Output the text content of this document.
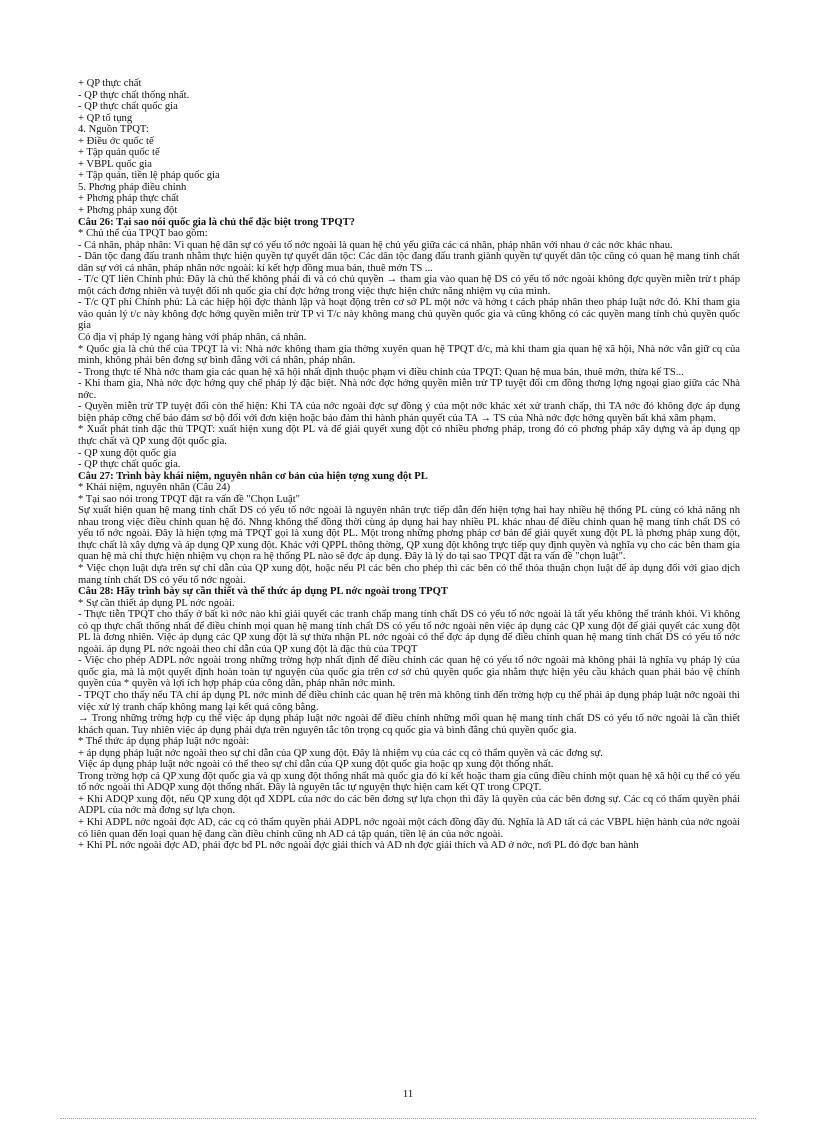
+ QP thực chất

- QP thực chất thống nhất.

- QP thực chất quốc gia

+ QP tố tụng

4. Nguồn TPQT:

+ Điều ớc quốc tế

+ Tập quán quốc tế

+ VBPL quốc gia

+ Tập quán, tiền lệ pháp quốc gia

5. Phơng pháp điều chỉnh

+ Phơng pháp thực chất

+ Phơng pháp xung đột

Câu 26: Tại sao nói quốc gia là chủ thể đặc biệt trong TPQT?

* Chủ thể của TPQT bao gồm:

- Cá nhân, pháp nhân: Vì quan hệ dân sự có yếu tố nớc ngoài là quan hệ chủ yếu giữa các cá nhân, pháp nhân với nhau ở các nớc khác nhau.

- Dân tộc đang đấu tranh nhằm thực hiện quyền tự quyết dân tộc: Các dân tộc đang đấu tranh giành quyền tự quyết dân tộc cũng có quan hệ mang tính chất dân sự với cá nhân, pháp nhân nớc ngoài: kí kết hợp đồng mua bán, thuê mớn TS ...

- T/c QT liên Chính phủ: Đây là chủ thể không phải đi và có chủ quyền → tham gia vào quan hệ DS có yếu tố nớc ngoài không đợc quyền miễn trừ t pháp một cách đơng nhiên và tuyệt đối nh quốc gia chỉ đợc hởng trong việc thực hiện chức năng nhiệm vụ của mình.

- T/c QT phi Chính phủ: Là các hiệp hội đợc thành lập và hoạt động trên cơ sở PL một nớc và hởng t cách pháp nhân theo pháp luật nớc đó. Khi tham gia vào quản lý t/c này không đợc hởng quyền miễn trừ TP vì T/c này không mang chủ quyền quốc gia và cũng không có các quyền mang tính chủ quyền quốc gia

Có địa vị pháp lý ngang hàng với pháp nhân, cá nhân.

* Quốc gia là chủ thể của TPQT là vì: Nhà nớc không tham gia thờng xuyên quan hệ TPQT đ/c, mà khi tham gia quan hệ xã hội, Nhà nớc vẫn giữ cq của mình, không phải bên đơng sự bình đẳng với cá nhân, pháp nhân.

- Trong thực tế Nhà nớc tham gia các quan hệ xã hội nhất định thuộc phạm vi điều chỉnh của TPQT: Quan hệ mua bán, thuê mớn, thừa kế TS...

- Khi tham gia, Nhà nớc đợc hởng quy chế pháp lý đặc biệt. Nhà nớc đợc hởng quyền miễn trừ TP tuyệt đối cm đồng thơng lợng ngoại giao giữa các Nhà nớc.

- Quyền miễn trừ TP tuyệt đối còn thể hiện: Khi TA của nớc ngoài đợc sự đồng ý của một nớc khác xét xử tranh chấp, thì TA nớc đó không đợc áp dụng biện pháp cỡng chế bảo đảm sơ bộ đối với đơn kiện hoặc bảo đảm thi hành phán quyết của TA → TS của Nhà nớc đợc hởng quyền bất khả xâm phạm.

* Xuất phát tính đặc thù TPQT: xuất hiện xung đột PL và để giải quyết xung đột có nhiều phơng pháp, trong đó có phơng pháp xây dựng và áp dụng qp thực chất và QP xung đột quốc gia.

- QP xung đột quốc gia

- QP thực chất quốc gia.

Câu 27: Trình bày khái niệm, nguyên nhân cơ bản của hiện tợng xung đột PL

* Khái niệm, nguyên nhân (Câu 24)

* Tại sao nói trong TPQT đặt ra vấn đề "Chọn Luật"

Sự xuất hiện quan hệ mang tính chất DS có yếu tố nớc ngoài là nguyên nhân trực tiếp dẫn đến hiện tợng hai hay nhiều hệ thống PL cùng có khả năng nh nhau trong việc điều chỉnh quan hệ đó. Nhng không thể đồng thời cùng áp dụng hai hay nhiều PL khác nhau để điều chỉnh quan hệ mang tính chất DS có yếu tố nớc ngoài. Đây là hiện tợng mà TPQT gọi là xung đột PL. Một trong những phơng pháp cơ bản để giải quyết xung đột PL là phơng pháp xung đột, thực chất là xây dựng và áp dụng QP xung đột. Khác với QPPL thông thờng, QP xung đột không trực tiếp quy định quyền và nghĩa vụ cho các bên tham gia quan hệ mà chỉ thực hiện nhiệm vụ chọn ra hệ thống PL nào sẽ đợc áp dụng. Đây là lý do tại sao TPQT đặt ra vấn đề "chọn luật".

* Việc chọn luật dựa trên sự chỉ dẫn của QP xung đột, hoặc nếu Pl các bên cho phép thì các bên có thể thỏa thuận chọn luật để áp dụng đối với giao dịch mang tính chất DS có yếu tố nớc ngoài.

Câu 28: Hãy trình bày sự cần thiết và thể thức áp dụng PL nớc ngoài trong TPQT

* Sự cần thiết áp dụng PL nớc ngoài.

- Thực tiễn TPQT cho thấy ở bất kì nớc nào khi giải quyết các tranh chấp mang tính chất DS có yếu tố nớc ngoài là tất yếu không thể tránh khỏi. Vì không có qp thực chất thống nhất để điều chỉnh mọi quan hệ mang tính chất DS có yếu tố nớc ngoài nên việc áp dụng các QP xung đột để giải quyết các xung đột PL là đơng nhiên. Việc áp dụng các QP xung đột là sự thừa nhận PL nớc ngoài có thể đợc áp dụng để điều chỉnh quan hệ mang tính chất DS có yếu tố nớc ngoài. áp dụng PL nớc ngoài theo chỉ dẫn của QP xung đột là đặc thù của TPQT

- Việc cho phép ADPL nớc ngoài trong những trờng hợp nhất định để điều chỉnh các quan hệ có yếu tố nớc ngoài mà không phải là nghĩa vụ pháp lý của quốc gia, mà là một quyết định hoàn toàn tự nguyện của quốc gia trên cơ sở chủ quyền quốc gia nhằm thực hiện yêu cầu khách quan phải bảo vệ chính quyền của * quyền và lợi ích hợp pháp của công dân, pháp nhân nớc mình.

- TPQT cho thấy nếu TA chỉ áp dụng PL nớc mình để điều chỉnh các quan hệ trên mà không tính đến trờng hợp cụ thể phải áp dụng pháp luật nớc ngoài thì việc xử lý tranh chấp không mang lại kết quả công bằng.

→ Trong những trờng hợp cụ thể việc áp dụng pháp luật nớc ngoài để điều chỉnh những mối quan hệ mang tính chất DS có yếu tố nớc ngoài là cần thiết khách quan. Tuy nhiên việc áp dụng phải dựa trên nguyên tắc tôn trọng cq quốc gia và bình đẳng chủ quyền quốc gia.

* Thể thức áp dụng pháp luật nớc ngoài:

+ áp dụng pháp luật nớc ngoài theo sự chỉ dẫn của QP xung đột. Đây là nhiệm vụ của các cq có thẩm quyền và các đơng sự.

Việc áp dụng pháp luật nớc ngoài có thể theo sự chỉ dẫn của QP xung đột quốc gia hoặc qp xung đột thống nhất.

Trong trờng hợp cả QP xung đột quốc gia và qp xung đột thống nhất mà quốc gia đó kí kết hoặc tham gia cũng điều chỉnh một quan hệ xã hội cụ thể có yếu tố nớc ngoài thì ADQP xung đột thống nhất. Đây là nguyên tắc tự nguyện thực hiện cam kết QT trong CPQT.

+ Khi ADQP xung đột, nếu QP xung đột qđ XDPL của nớc do các bên đơng sự lựa chọn thì đây là quyền của các bên đơng sự. Các cq có thẩm quyền phải ADPL của nớc mà đơng sự lựa chọn.

+ Khi ADPL nớc ngoài đợc AD, các cq có thẩm quyền phải ADPL nớc ngoài một cách đồng đầy đủ. Nghĩa là AD tất cả các VBPL hiện hành của nớc ngoài có liên quan đến loại quan hệ đang cần điều chỉnh cũng nh AD cả tập quán, tiền lệ án của nớc ngoài.

+ Khi PL nớc ngoài đợc AD, phải đợc bđ PL nớc ngoài đợc giải thích và AD nh đợc giải thích và AD ở nớc, nơi PL đó đợc ban hành

11
